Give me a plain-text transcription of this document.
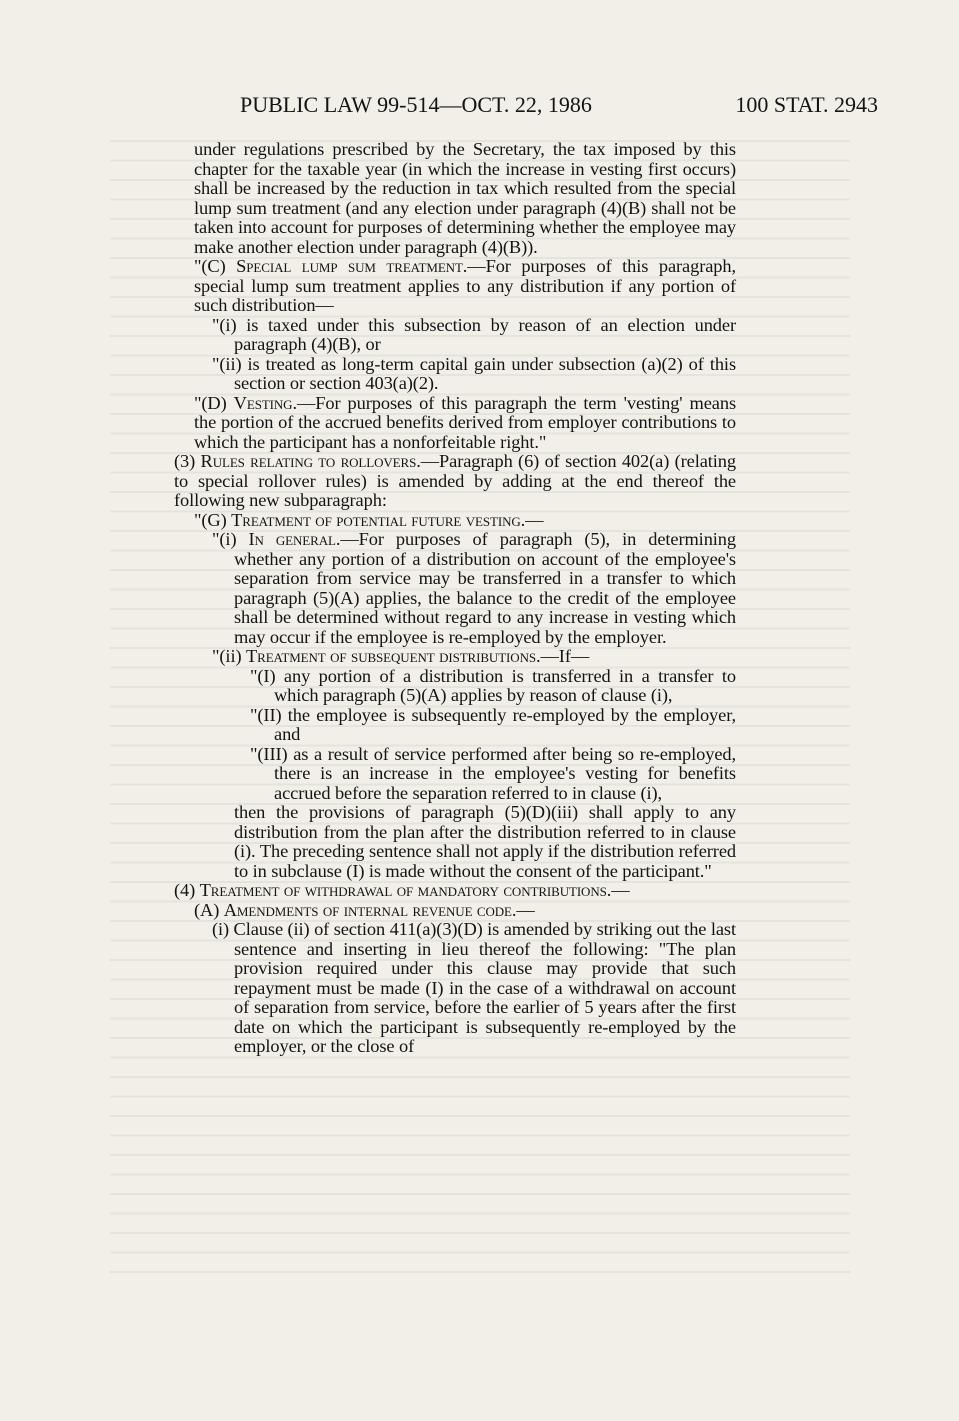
PUBLIC LAW 99-514—OCT. 22, 1986	100 STAT. 2943

under regulations prescribed by the Secretary, the tax imposed by this chapter for the taxable year (in which the increase in vesting first occurs) shall be increased by the reduction in tax which resulted from the special lump sum treatment (and any election under paragraph (4)(B) shall not be taken into account for purposes of determining whether the employee may make another election under paragraph (4)(B)).

"(C) Special lump sum treatment.—For purposes of this paragraph, special lump sum treatment applies to any distribution if any portion of such distribution—

"(i) is taxed under this subsection by reason of an election under paragraph (4)(B), or

"(ii) is treated as long-term capital gain under subsection (a)(2) of this section or section 403(a)(2).

"(D) Vesting.—For purposes of this paragraph the term 'vesting' means the portion of the accrued benefits derived from employer contributions to which the participant has a nonforfeitable right."

(3) Rules relating to rollovers.—Paragraph (6) of section 402(a) (relating to special rollover rules) is amended by adding at the end thereof the following new subparagraph:

"(G) Treatment of potential future vesting.—

"(i) In general.—For purposes of paragraph (5), in determining whether any portion of a distribution on account of the employee's separation from service may be transferred in a transfer to which paragraph (5)(A) applies, the balance to the credit of the employee shall be determined without regard to any increase in vesting which may occur if the employee is re-employed by the employer.

"(ii) Treatment of subsequent distributions.—If—

"(I) any portion of a distribution is transferred in a transfer to which paragraph (5)(A) applies by reason of clause (i),

"(II) the employee is subsequently re-employed by the employer, and

"(III) as a result of service performed after being so re-employed, there is an increase in the employee's vesting for benefits accrued before the separation referred to in clause (i),

then the provisions of paragraph (5)(D)(iii) shall apply to any distribution from the plan after the distribution referred to in clause (i). The preceding sentence shall not apply if the distribution referred to in subclause (I) is made without the consent of the participant."

(4) Treatment of withdrawal of mandatory contributions.—

(A) Amendments of internal revenue code.—

(i) Clause (ii) of section 411(a)(3)(D) is amended by striking out the last sentence and inserting in lieu thereof the following: "The plan provision required under this clause may provide that such repayment must be made (I) in the case of a withdrawal on account of separation from service, before the earlier of 5 years after the first date on which the participant is subsequently re-employed by the employer, or the close of
